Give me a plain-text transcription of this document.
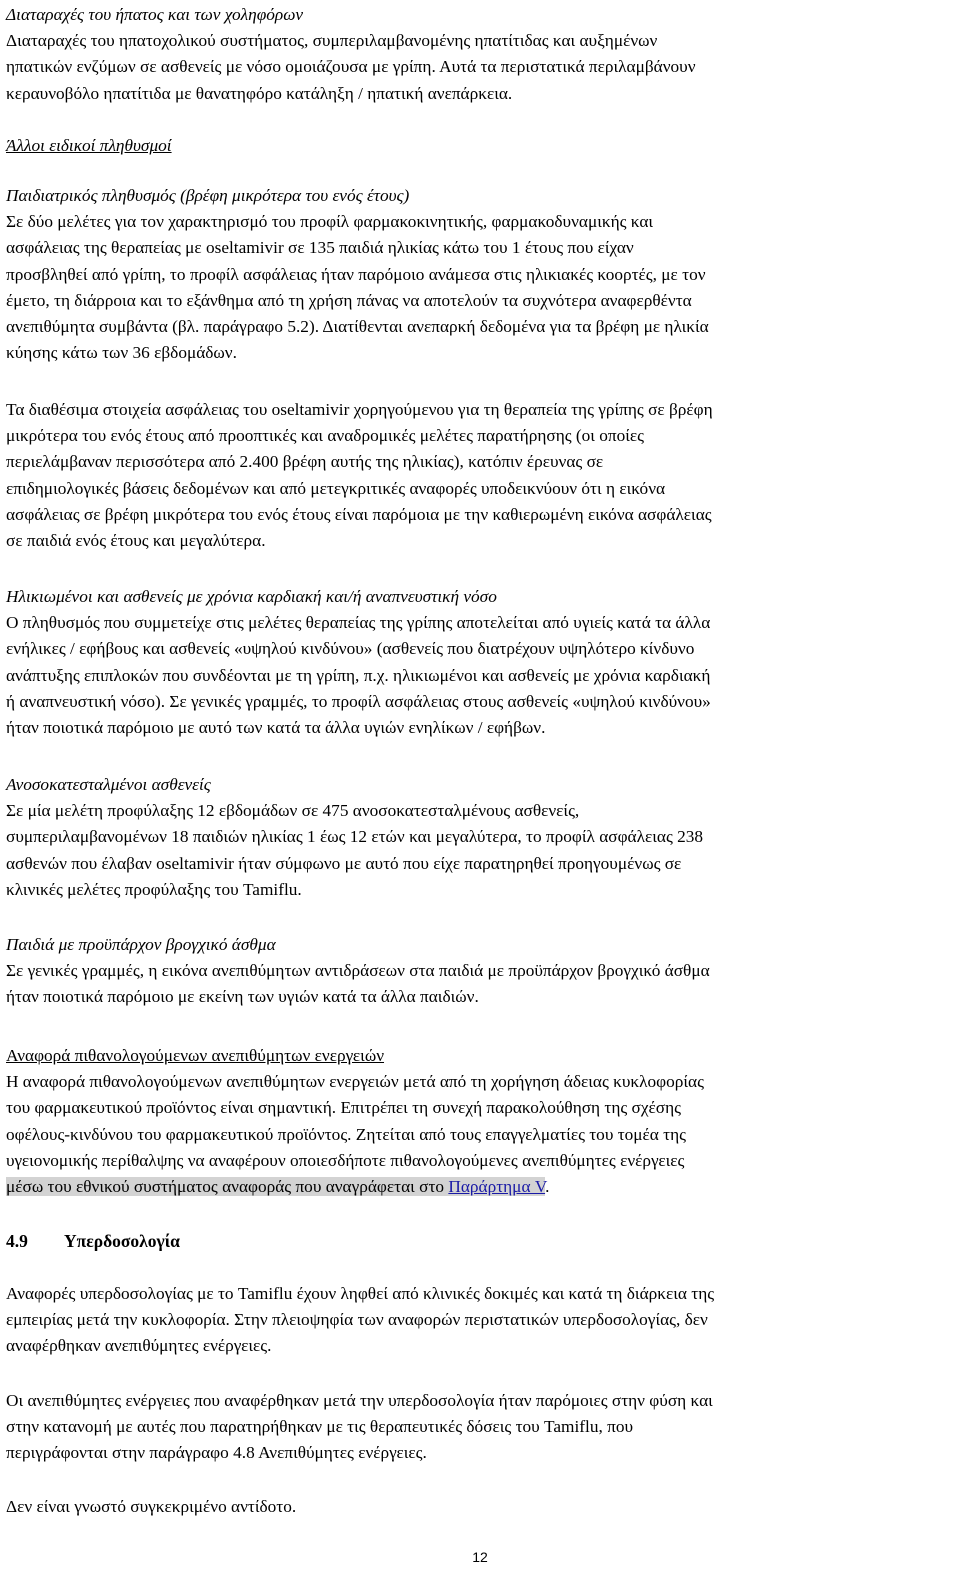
Διαταραχές του ήπατος και των χοληφόρων
Διαταραχές του ηπατοχολικού συστήματος, συμπεριλαμβανομένης ηπατίτιδας και αυξημένων
ηπατικών ενζύμων σε ασθενείς με νόσο ομοιάζουσα με γρίπη. Αυτά τα περιστατικά περιλαμβάνουν
κεραυνοβόλο ηπατίτιδα με θανατηφόρο κατάληξη / ηπατική ανεπάρκεια.
Άλλοι ειδικοί πληθυσμοί
Παιδιατρικός πληθυσμός (βρέφη μικρότερα του ενός έτους)
Σε δύο μελέτες για τον χαρακτηρισμό του προφίλ φαρμακοκινητικής, φαρμακοδυναμικής και
ασφάλειας της θεραπείας με oseltamivir σε 135 παιδιά ηλικίας κάτω του 1 έτους που είχαν
προσβληθεί από γρίπη, το προφίλ ασφάλειας ήταν παρόμοιο ανάμεσα στις ηλικιακές κοορτές, με τον
έμετο, τη διάρροια και το εξάνθημα από τη χρήση πάνας να αποτελούν τα συχνότερα αναφερθέντα
ανεπιθύμητα συμβάντα (βλ. παράγραφο 5.2). Διατίθενται ανεπαρκή δεδομένα για τα βρέφη με ηλικία
κύησης κάτω των 36 εβδομάδων.
Τα διαθέσιμα στοιχεία ασφάλειας του oseltamivir χορηγούμενου για τη θεραπεία της γρίπης σε βρέφη
μικρότερα του ενός έτους από προοπτικές και αναδρομικές μελέτες παρατήρησης (οι οποίες
περιελάμβαναν περισσότερα από 2.400 βρέφη αυτής της ηλικίας), κατόπιν έρευνας σε
επιδημιολογικές βάσεις δεδομένων και από μετεγκριτικές αναφορές υποδεικνύουν ότι η εικόνα
ασφάλειας σε βρέφη μικρότερα του ενός έτους είναι παρόμοια με την καθιερωμένη εικόνα ασφάλειας
σε παιδιά ενός έτους και μεγαλύτερα.
Ηλικιωμένοι και ασθενείς με χρόνια καρδιακή και/ή αναπνευστική νόσο
Ο πληθυσμός που συμμετείχε στις μελέτες θεραπείας της γρίπης αποτελείται από υγιείς κατά τα άλλα
ενήλικες / εφήβους και ασθενείς «υψηλού κινδύνου» (ασθενείς που διατρέχουν υψηλότερο κίνδυνο
ανάπτυξης επιπλοκών που συνδέονται με τη γρίπη, π.χ. ηλικιωμένοι και ασθενείς με χρόνια καρδιακή
ή αναπνευστική νόσο). Σε γενικές γραμμές, το προφίλ ασφάλειας στους ασθενείς «υψηλού κινδύνου»
ήταν ποιοτικά παρόμοιο με αυτό των κατά τα άλλα υγιών ενηλίκων / εφήβων.
Ανοσοκατεσταλμένοι ασθενείς
Σε μία μελέτη προφύλαξης 12 εβδομάδων σε 475 ανοσοκατεσταλμένους ασθενείς,
συμπεριλαμβανομένων 18 παιδιών ηλικίας 1 έως 12 ετών και μεγαλύτερα, το προφίλ ασφάλειας 238
ασθενών που έλαβαν oseltamivir ήταν σύμφωνο με αυτό που είχε παρατηρηθεί προηγουμένως σε
κλινικές μελέτες προφύλαξης του Tamiflu.
Παιδιά με προϋπάρχον βρογχικό άσθμα
Σε γενικές γραμμές, η εικόνα ανεπιθύμητων αντιδράσεων στα παιδιά με προϋπάρχον βρογχικό άσθμα
ήταν ποιοτικά παρόμοιο με εκείνη των υγιών κατά τα άλλα παιδιών.
Αναφορά πιθανολογούμενων ανεπιθύμητων ενεργειών
Η αναφορά πιθανολογούμενων ανεπιθύμητων ενεργειών μετά από τη χορήγηση άδειας κυκλοφορίας
του φαρμακευτικού προϊόντος είναι σημαντική. Επιτρέπει τη συνεχή παρακολούθηση της σχέσης
οφέλους-κινδύνου του φαρμακευτικού προϊόντος. Ζητείται από τους επαγγελματίες του τομέα της
υγειονομικής περίθαλψης να αναφέρουν οποιεσδήποτε πιθανολογούμενες ανεπιθύμητες ενέργειες
μέσω του εθνικού συστήματος αναφοράς που αναγράφεται στο Παράρτημα V.
4.9 Υπερδοσολογία
Αναφορές υπερδοσολογίας με το Tamiflu έχουν ληφθεί από κλινικές δοκιμές και κατά τη διάρκεια της
εμπειρίας μετά την κυκλοφορία. Στην πλειοψηφία των αναφορών περιστατικών υπερδοσολογίας, δεν
αναφέρθηκαν ανεπιθύμητες ενέργειες.
Οι ανεπιθύμητες ενέργειες που αναφέρθηκαν μετά την υπερδοσολογία ήταν παρόμοιες στην φύση και
στην κατανομή με αυτές που παρατηρήθηκαν με τις θεραπευτικές δόσεις του Tamiflu, που
περιγράφονται στην παράγραφο 4.8 Ανεπιθύμητες ενέργειες.
Δεν είναι γνωστό συγκεκριμένο αντίδοτο.
12
